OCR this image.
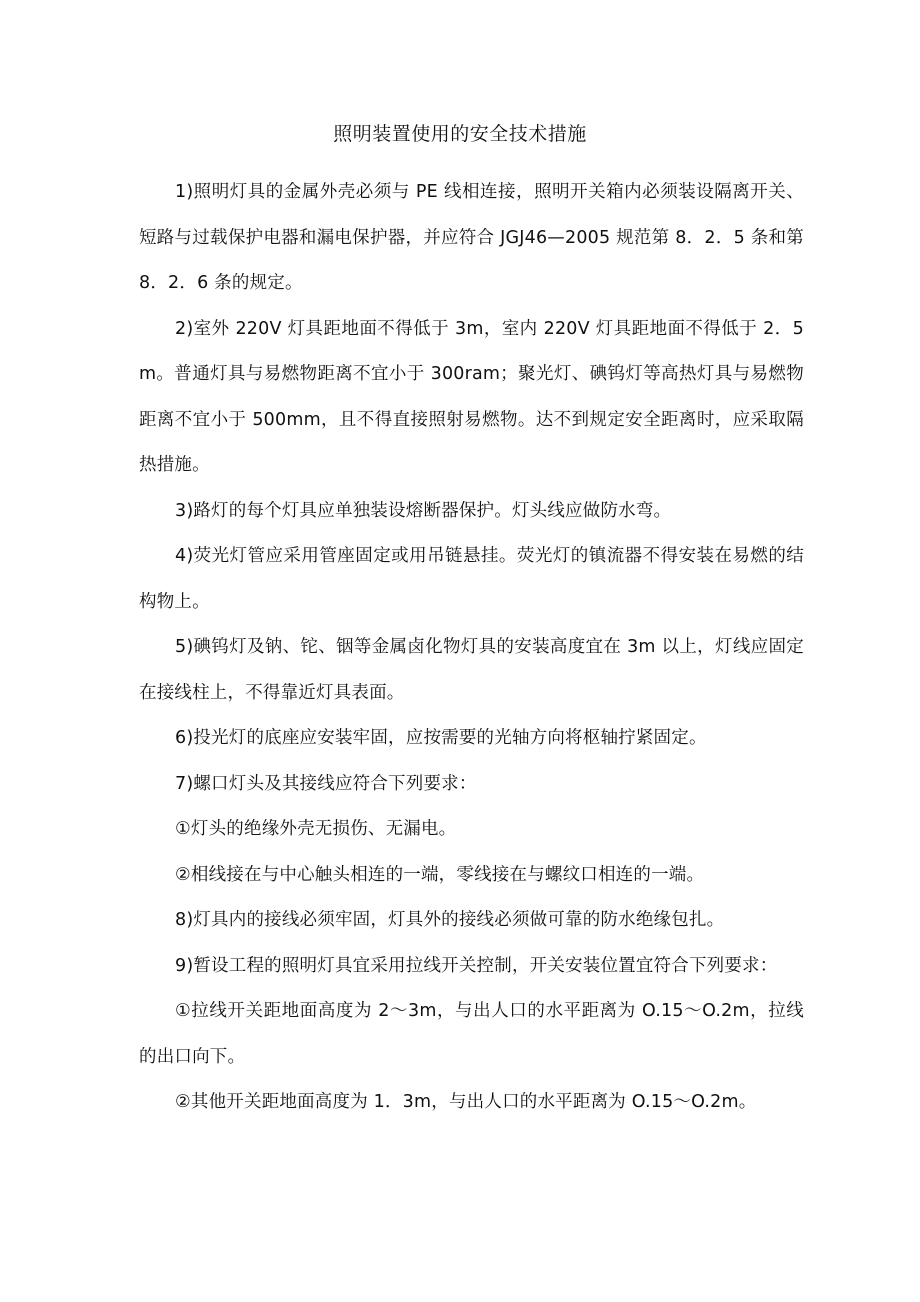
照明装置使用的安全技术措施

1)照明灯具的金属外壳必须与 PE 线相连接，照明开关箱内必须装设隔离开关、短路与过载保护电器和漏电保护器，并应符合 JGJ46—2005 规范第 8．2．5 条和第 8．2．6 条的规定。

2)室外 220V 灯具距地面不得低于 3m，室内 220V 灯具距地面不得低于 2．5m。普通灯具与易燃物距离不宜小于 300ram；聚光灯、碘钨灯等高热灯具与易燃物距离不宜小于 500mm，且不得直接照射易燃物。达不到规定安全距离时，应采取隔热措施。

3)路灯的每个灯具应单独装设熔断器保护。灯头线应做防水弯。

4)荧光灯管应采用管座固定或用吊链悬挂。荧光灯的镇流器不得安装在易燃的结构物上。

5)碘钨灯及钠、铊、铟等金属卤化物灯具的安装高度宜在 3m 以上，灯线应固定在接线柱上，不得靠近灯具表面。

6)投光灯的底座应安装牢固，应按需要的光轴方向将枢轴拧紧固定。

7)螺口灯头及其接线应符合下列要求：

①灯头的绝缘外壳无损伤、无漏电。

②相线接在与中心触头相连的一端，零线接在与螺纹口相连的一端。

8)灯具内的接线必须牢固，灯具外的接线必须做可靠的防水绝缘包扎。

9)暂设工程的照明灯具宜采用拉线开关控制，开关安装位置宜符合下列要求：

①拉线开关距地面高度为 2～3m，与出人口的水平距离为 O.15～O.2m，拉线的出口向下。

②其他开关距地面高度为 1．3m，与出人口的水平距离为 O.15～O.2m。
